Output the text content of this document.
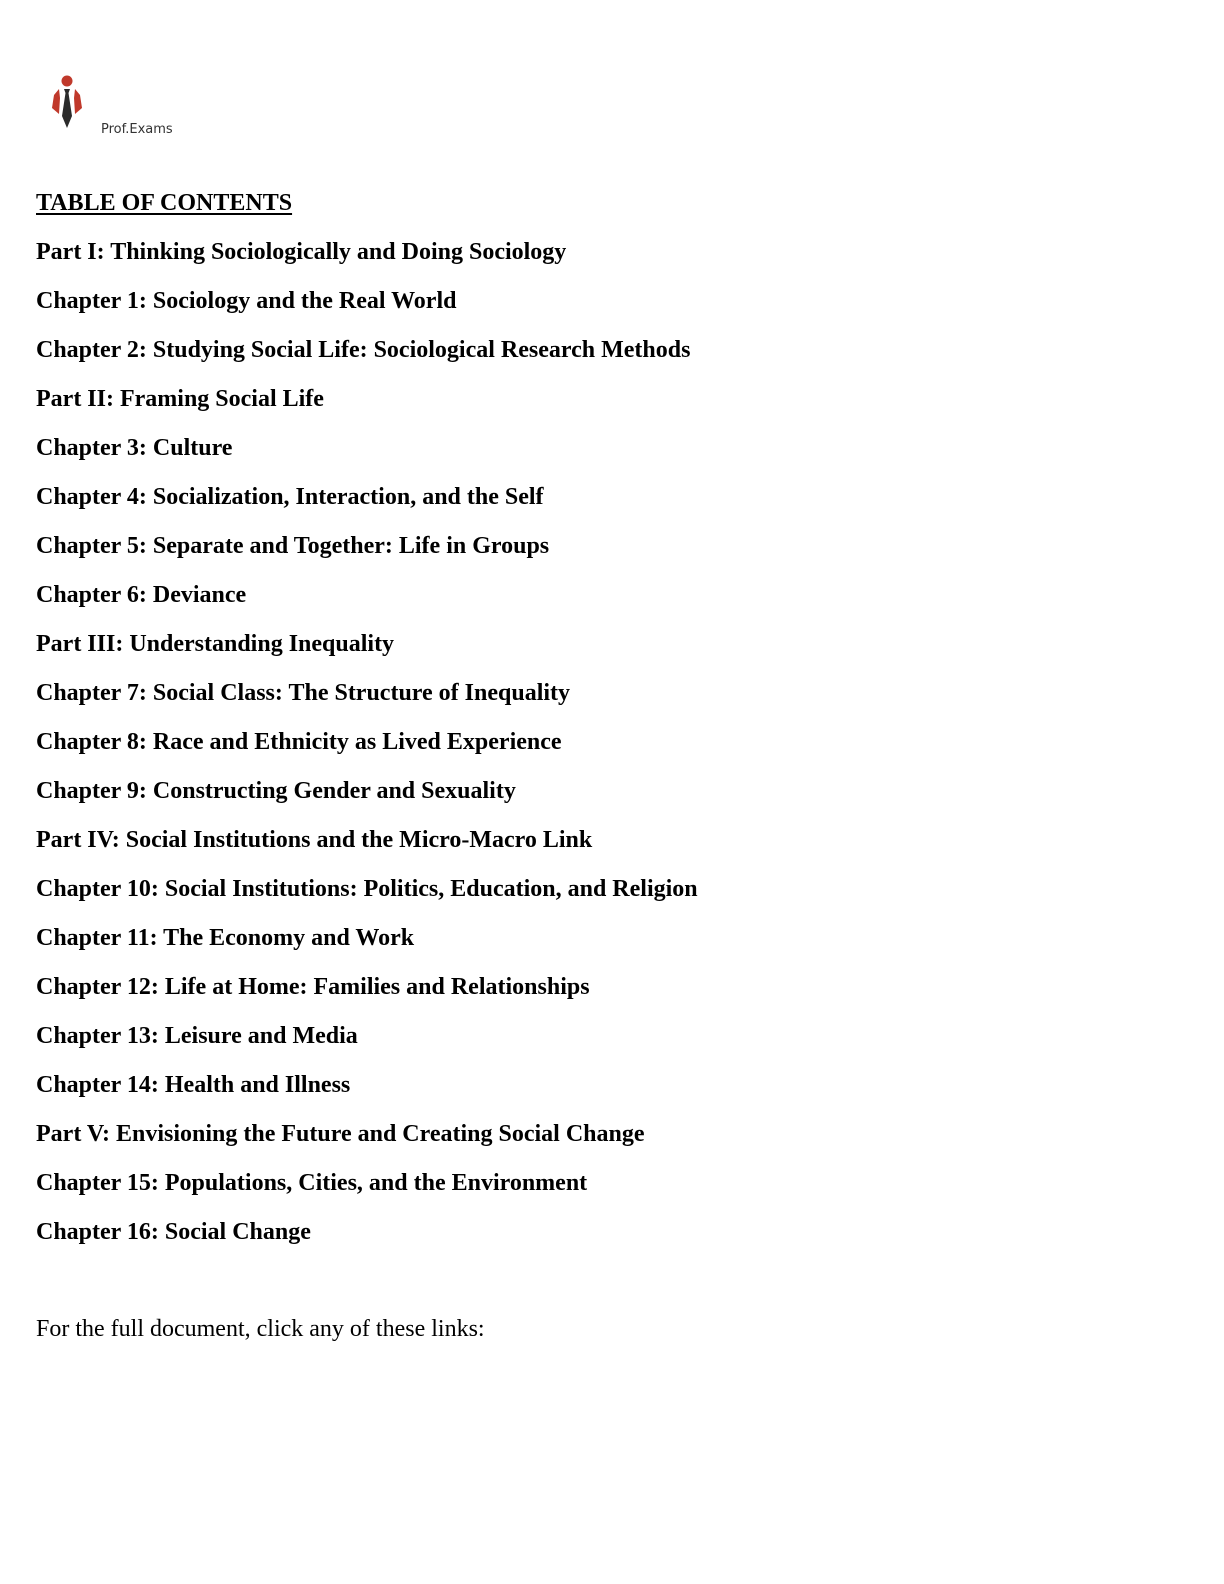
Prof.Exams
TABLE OF CONTENTS
Part I: Thinking Sociologically and Doing Sociology
Chapter 1: Sociology and the Real World
Chapter 2: Studying Social Life: Sociological Research Methods
Part II: Framing Social Life
Chapter 3: Culture
Chapter 4: Socialization, Interaction, and the Self
Chapter 5: Separate and Together: Life in Groups
Chapter 6: Deviance
Part III: Understanding Inequality
Chapter 7: Social Class: The Structure of Inequality
Chapter 8: Race and Ethnicity as Lived Experience
Chapter 9: Constructing Gender and Sexuality
Part IV: Social Institutions and the Micro-Macro Link
Chapter 10: Social Institutions: Politics, Education, and Religion
Chapter 11: The Economy and Work
Chapter 12: Life at Home: Families and Relationships
Chapter 13: Leisure and Media
Chapter 14: Health and Illness
Part V: Envisioning the Future and Creating Social Change
Chapter 15: Populations, Cities, and the Environment
Chapter 16: Social Change
For the full document, click any of these links:
